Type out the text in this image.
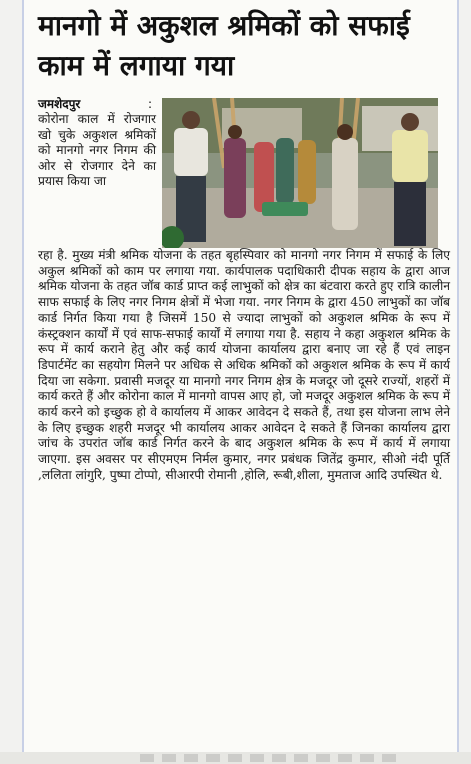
मानगो में अकुशल श्रमिकों को सफाई काम में लगाया गया
जमशेदपुर	:

कोरोना काल में रोजगार खो चुके अकुशल श्रमिकों को मानगो नगर निगम की ओर से रोजगार देने का प्रयास किया जा

रहा है. मुख्य मंत्री श्रमिक योजना के तहत बृहस्पिवार को मानगो नगर निगम में सफाई के लिए अकुल श्रमिकों को काम पर लगाया गया. कार्यपालक पदाधिकारी दीपक सहाय के द्वारा आज श्रमिक योजना के तहत जॉब कार्ड प्राप्त कई लाभुकों को क्षेत्र का बंटवारा करते हुए रात्रि कालीन साफ सफाई के लिए नगर निगम क्षेत्रों में भेजा गया. नगर निगम के द्वारा 450 लाभुकों का जॉब कार्ड निर्गत किया गया है जिसमें 150 से ज्यादा लाभुकों को अकुशल श्रमिक के रूप में कंस्ट्रक्शन कार्यों में एवं साफ-सफाई कार्यों में लगाया गया है. सहाय ने कहा अकुशल श्रमिक के रूप में कार्य कराने हेतु और कई कार्य योजना कार्यालय द्वारा बनाए जा रहे हैं एवं लाइन डिपार्टमेंट का सहयोग मिलने पर अधिक से अधिक श्रमिकों को अकुशल श्रमिक के रूप में कार्य दिया जा सकेगा. प्रवासी मजदूर या मानगो नगर निगम क्षेत्र के मजदूर जो दूसरे राज्यों, शहरों में कार्य करते हैं और कोरोना काल में मानगो वापस आए हो, जो मजदूर अकुशल श्रमिक के रूप में कार्य करने को इच्छुक हो वे कार्यालय में आकर आवेदन दे सकते हैं, तथा इस योजना लाभ लेने के लिए इच्छुक शहरी मजदूर भी कार्यालय आकर आवेदन दे सकते हैं जिनका कार्यालय द्वारा जांच के उपरांत जॉब कार्ड निर्गत करने के बाद अकुशल श्रमिक के रूप में कार्य में लगाया जाएगा. इस अवसर पर सीएमएम निर्मल कुमार, नगर प्रबंधक जितेंद्र कुमार, सीओ नंदी पूर्ति ,ललिता लांगुरि, पुष्पा टोप्पो, सीआरपी रोमानी ,होलि, रूबी,शीला, मुमताज आदि उपस्थित थे.
